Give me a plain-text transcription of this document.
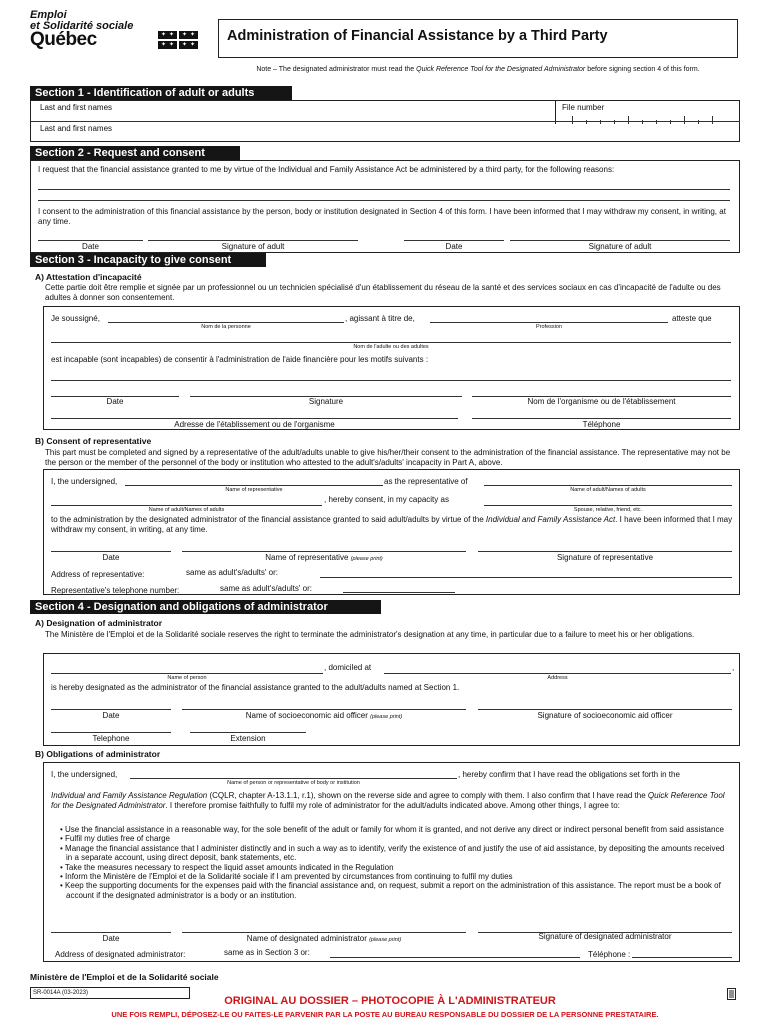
Emploi
et Solidarité sociale
Québec ✦ ✦ ✦ ✦
✦ ✦
✦ ✦	Administration of Financial Assistance by a Third Party
Note – The designated administrator must read the Quick Reference Tool for the Designated Administrator before signing section 4 of this form.
Section 1 - Identification of adult or adults
Last and first names	File number
Last and first names
Section 2 - Request and consent
I request that the financial assistance granted to me by virtue of the Individual and Family Assistance Act be administered by a third party, for the following reasons:
I consent to the administration of this financial assistance by the person, body or institution designated in Section 4 of this form. I have been informed that I may withdraw my consent, in writing, at any time.
Date	Signature of adult	Date	Signature of adult
Section 3 - Incapacity to give consent
A) Attestation d'incapacité
Cette partie doit être remplie et signée par un professionnel ou un technicien spécialisé d'un établissement du réseau de la santé et des services sociaux en cas d'incapacité de l'adulte ou des adultes à donner son consentement.
Je soussigné,	, agissant à titre de,	atteste que
Nom de la personne	Profession
Nom de l'adulte ou des adultes
est incapable (sont incapables) de consentir à l'administration de l'aide financière pour les motifs suivants :
Date	Signature	Nom de l'organisme ou de l'établissement
Adresse de l'établissement ou de l'organisme	Téléphone
B) Consent of representative
This part must be completed and signed by a representative of the adult/adults unable to give his/her/their consent to the administration of the financial assistance. The representative may not be the person or the member of the personnel of the body or institution who attested to the adult's/adults' incapacity in Part A, above.
I, the undersigned,	as the representative of
Name of representative	Name of adult/Names of adults
, hereby consent, in my capacity as
Name of adult/Names of adults	Spouse, relative, friend, etc.
to the administration by the designated administrator of the financial assistance granted to said adult/adults by virtue of the Individual and Family Assistance Act. I have been informed that I may withdraw my consent, in writing, at any time.
Date	Name of representative (please print)	Signature of representative
Address of representative:	same as adult's/adults' or:
Representative's telephone number:	same as adult's/adults' or:
Section 4 - Designation and obligations of administrator
A) Designation of administrator
The Ministère de l'Emploi et de la Solidarité sociale reserves the right to terminate the administrator's designation at any time, in particular due to a failure to meet his or her obligations.
, domiciled at	,
Name of person	Address
is hereby designated as the administrator of the financial assistance granted to the adult/adults named at Section 1.
Date	Name of socioeconomic aid officer (please print)	Signature of socioeconomic aid officer
Telephone	Extension
B) Obligations of administrator
I, the undersigned,	, hereby confirm that I have read the obligations set forth in the
Name of person or representative of body or institution
Individual and Family Assistance Regulation (CQLR, chapter A-13.1.1, r.1), shown on the reverse side and agree to comply with them. I also confirm that I have read the Quick Reference Tool for the Designated Administrator. I therefore promise faithfully to fulfil my role of administrator for the adult/adults indicated above. Among other things, I agree to:
• Use the financial assistance in a reasonable way, for the sole benefit of the adult or family for whom it is granted, and not derive any direct or indirect personal benefit from said assistance
• Fulfil my duties free of charge
• Manage the financial assistance that I administer distinctly and in such a way as to identify, verify the existence of and justify the use of aid assistance, by depositing the amounts received in a separate account, using direct deposit, bank statements, etc.
• Take the measures necessary to respect the liquid asset amounts indicated in the Regulation
• Inform the Ministère de l'Emploi et de la Solidarité sociale if I am prevented by circumstances from continuing to fulfil my duties
• Keep the supporting documents for the expenses paid with the financial assistance and, on request, submit a report on the administration of this assistance. The report must be a book of account if the designated administrator is a body or an institution.
Date	Name of designated administrator (please print)	Signature of designated administrator
Address of designated administrator:	same as in Section 3 or:	Téléphone :
Ministère de l'Emploi et de la Solidarité sociale
SR-0014A (03-2023)
ORIGINAL AU DOSSIER – PHOTOCOPIE À L'ADMINISTRATEUR
UNE FOIS REMPLI, DÉPOSEZ-LE OU FAITES-LE PARVENIR PAR LA POSTE AU BUREAU RESPONSABLE DU DOSSIER DE LA PERSONNE PRESTATAIRE.
